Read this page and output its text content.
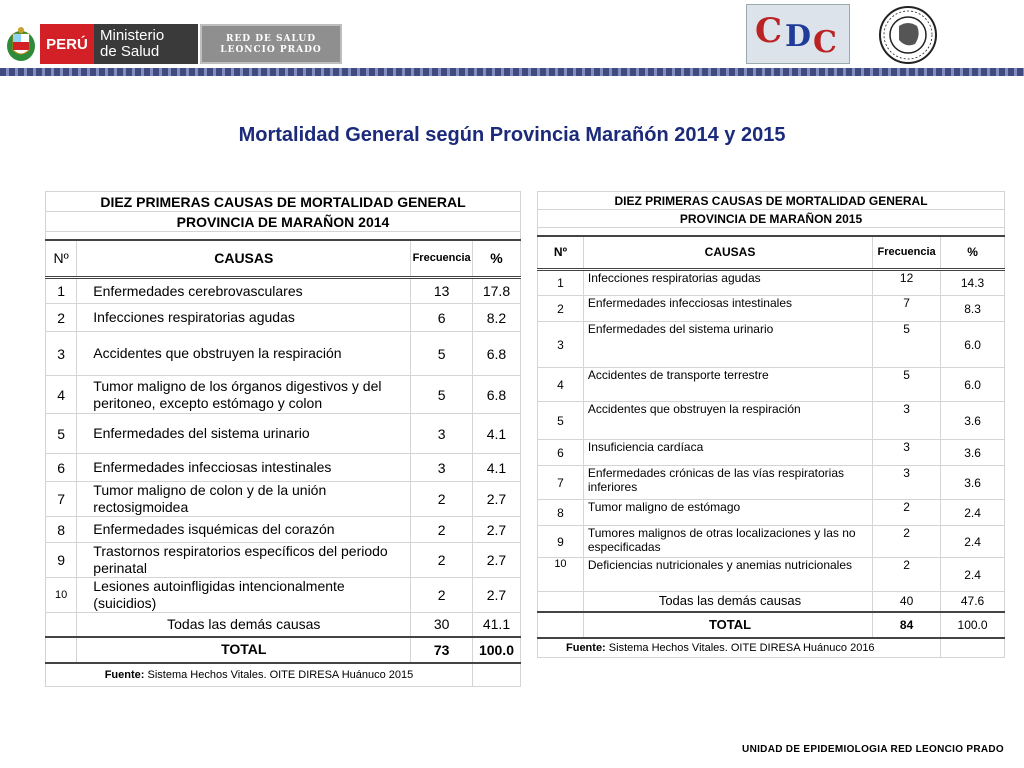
PERÚ Ministerio
de Salud
RED DE SALUD
LEONCIO PRADO	C D C
Mortalidad General según Provincia Marañón 2014 y 2015
DIEZ PRIMERAS CAUSAS DE MORTALIDAD GENERAL			
PROVINCIA DE MARAÑON 2014			

Nº	CAUSAS	Frecuencia	%
1	Enfermedades cerebrovasculares	13	17.8
2	Infecciones respiratorias agudas	6	8.2
3	Accidentes que obstruyen la respiración	5	6.8
4	Tumor maligno de los órganos digestivos y del peritoneo, excepto estómago y colon	5	6.8
5	Enfermedades del sistema urinario	3	4.1
6	Enfermedades infecciosas intestinales	3	4.1
7	Tumor maligno de colon y de la unión rectosigmoidea	2	2.7
8	Enfermedades isquémicas del corazón	2	2.7
9	Trastornos respiratorios específicos del periodo perinatal	2	2.7
10	Lesiones autoinfligidas intencionalmente (suicidios)	2	2.7
	Todas las demás causas	30	41.1
	TOTAL	73	100.0
Fuente: Sistema Hechos Vitales. OITE DIRESA Huánuco 2015			
DIEZ PRIMERAS CAUSAS DE MORTALIDAD GENERAL			
PROVINCIA DE MARAÑON 2015			

Nº	CAUSAS	Frecuencia	%
1	Infecciones respiratorias agudas	12	14.3
2	Enfermedades infecciosas intestinales	7	8.3
3	Enfermedades del sistema urinario	5	6.0
4	Accidentes de transporte terrestre	5	6.0
5	Accidentes que obstruyen la respiración	3	3.6
6	Insuficiencia cardíaca	3	3.6
7	Enfermedades crónicas de las vías respiratorias inferiores	3	3.6
8	Tumor maligno de estómago	2	2.4
9	Tumores malignos de otras localizaciones y las no especificadas	2	2.4
10	Deficiencias nutricionales y anemias nutricionales	2	2.4
	Todas las demás causas	40	47.6
	TOTAL	84	100.0
Fuente: Sistema Hechos Vitales. OITE DIRESA Huánuco 2016			
UNIDAD DE EPIDEMIOLOGIA RED LEONCIO PRADO
